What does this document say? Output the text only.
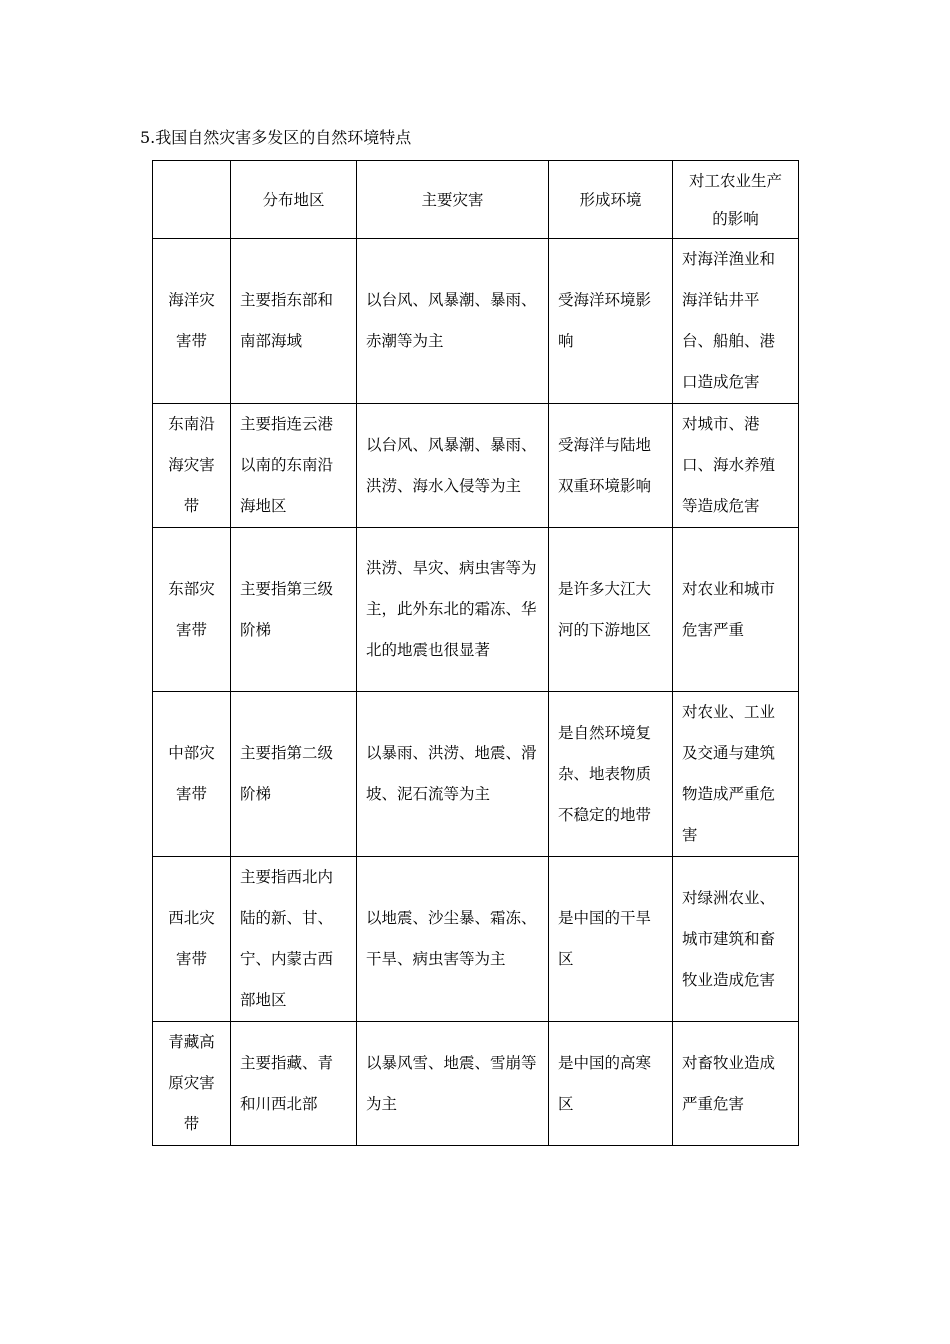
5.我国自然灾害多发区的自然环境特点
	分布地区	主要灾害	形成环境	对工农业生产的影响
海洋灾害带	主要指东部和南部海域	以台风、风暴潮、暴雨、赤潮等为主	受海洋环境影响	对海洋渔业和海洋钻井平台、船舶、港口造成危害
东南沿海灾害带	主要指连云港以南的东南沿海地区	以台风、风暴潮、暴雨、洪涝、海水入侵等为主	受海洋与陆地双重环境影响	对城市、港口、海水养殖等造成危害
东部灾害带	主要指第三级阶梯	洪涝、旱灾、病虫害等为主，此外东北的霜冻、华北的地震也很显著	是许多大江大河的下游地区	对农业和城市危害严重
中部灾害带	主要指第二级阶梯	以暴雨、洪涝、地震、滑坡、泥石流等为主	是自然环境复杂、地表物质不稳定的地带	对农业、工业及交通与建筑物造成严重危害
西北灾害带	主要指西北内陆的新、甘、宁、内蒙古西部地区	以地震、沙尘暴、霜冻、干旱、病虫害等为主	是中国的干旱区	对绿洲农业、城市建筑和畜牧业造成危害
青藏高原灾害带	主要指藏、青和川西北部	以暴风雪、地震、雪崩等为主	是中国的高寒区	对畜牧业造成严重危害
